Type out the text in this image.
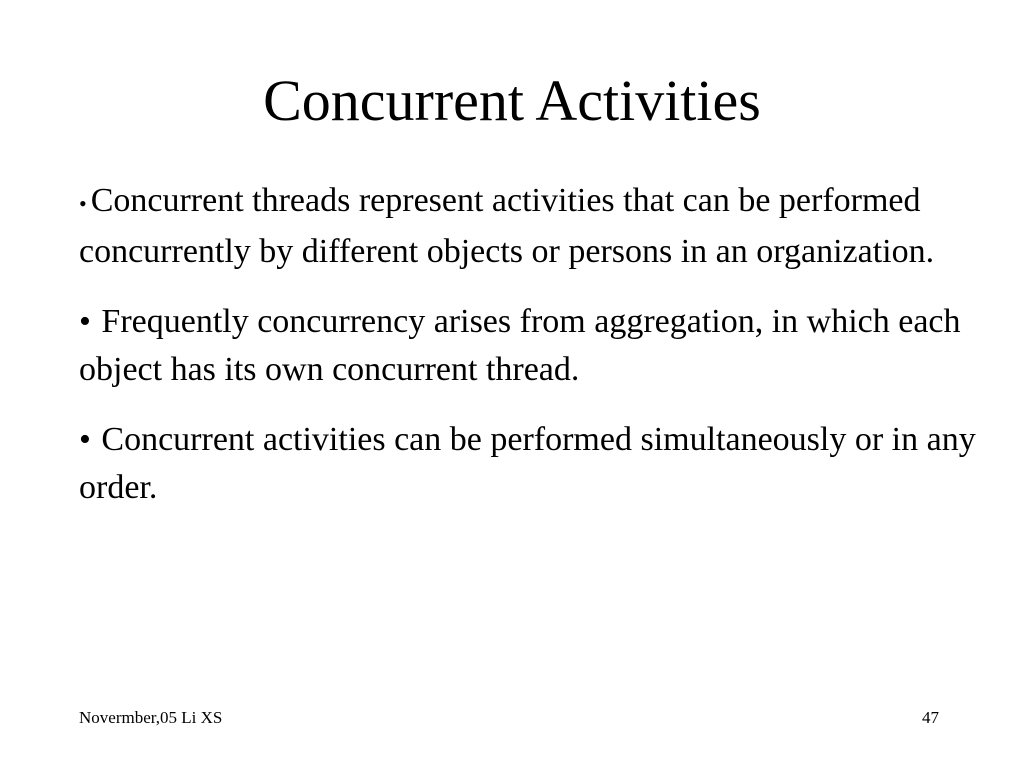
Concurrent Activities

• Concurrent threads represent activities that can be performed concurrently by different objects or persons in an organization.

• Frequently concurrency arises from aggregation, in which each object has its own concurrent thread.

• Concurrent activities can be performed simultaneously or in any order.

Novermber,05 Li XS	47
